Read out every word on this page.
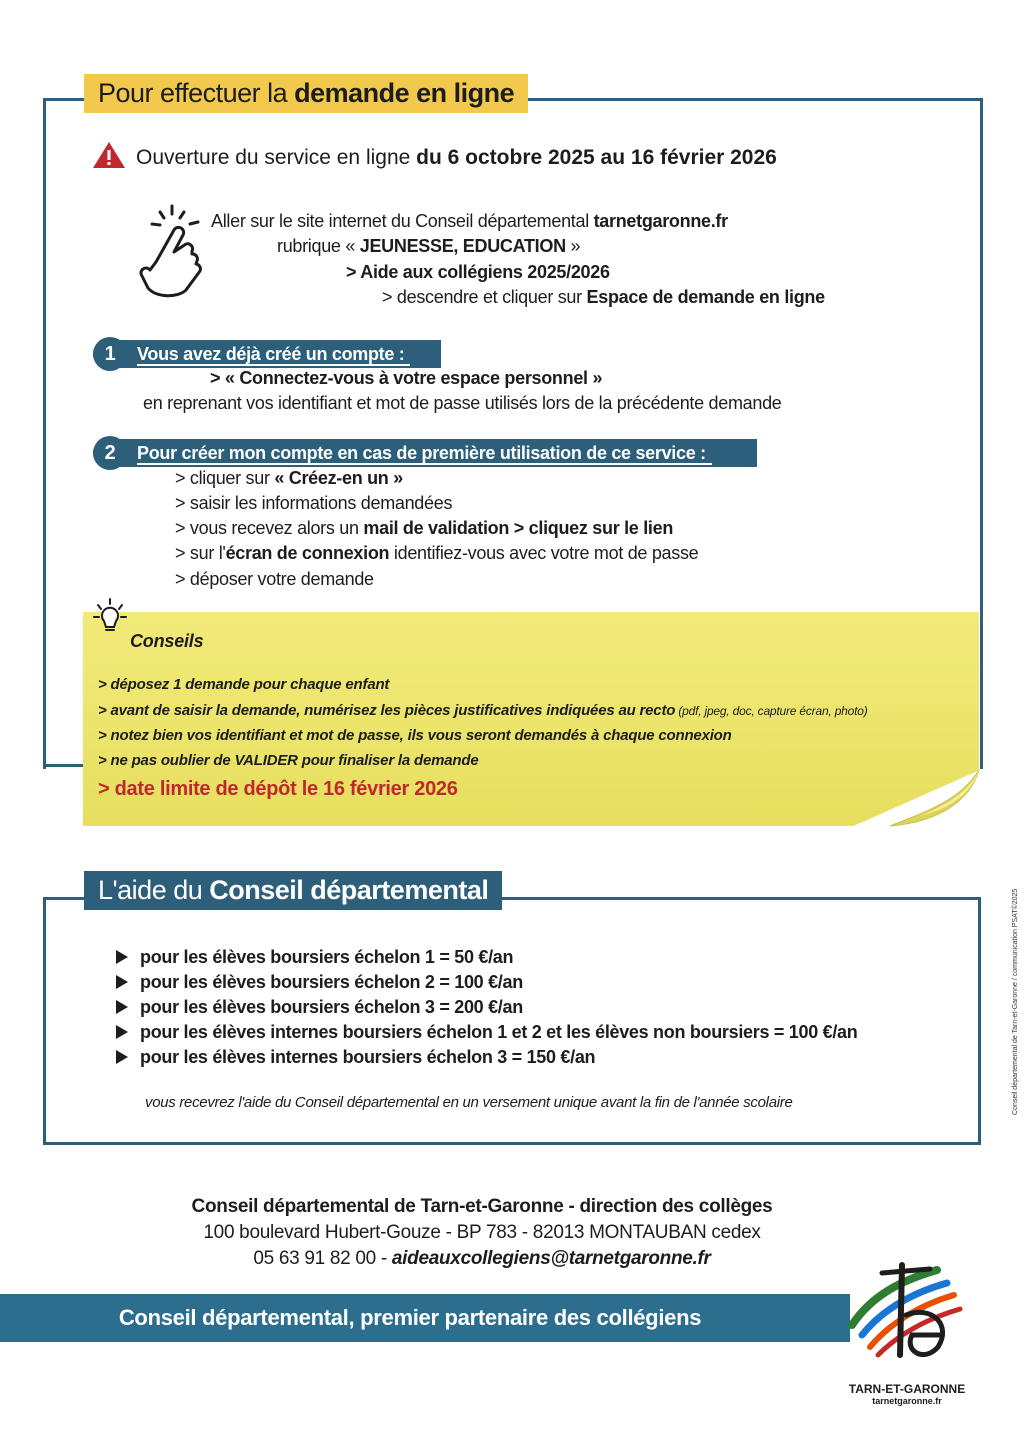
Pour effectuer la demande en ligne
Ouverture du service en ligne du 6 octobre 2025 au 16 février 2026
Aller sur le site internet du Conseil départemental tarnetgaronne.fr
rubrique « JEUNESSE, EDUCATION »
> Aide aux collégiens 2025/2026
> descendre et cliquer sur Espace de demande en ligne
1 Vous avez déjà créé un compte :
> « Connectez-vous à votre espace personnel »
en reprenant vos identifiant et mot de passe utilisés lors de la précédente demande
2 Pour créer mon compte en cas de première utilisation de ce service :
> cliquer sur « Créez-en un »
> saisir les informations demandées
> vous recevez alors un mail de validation > cliquez sur le lien
> sur l'écran de connexion identifiez-vous avec votre mot de passe
> déposer votre demande
Conseils
> déposez 1 demande pour chaque enfant
> avant de saisir la demande, numérisez les pièces justificatives indiquées au recto (pdf, jpeg, doc, capture écran, photo)
> notez bien vos identifiant et mot de passe, ils vous seront demandés à chaque connexion
> ne pas oublier de VALIDER pour finaliser la demande
> date limite de dépôt le 16 février 2026
L'aide du Conseil départemental
pour les élèves boursiers échelon 1 = 50 €/an
pour les élèves boursiers échelon 2 = 100 €/an
pour les élèves boursiers échelon 3 = 200 €/an
pour les élèves internes boursiers échelon 1 et 2 et les élèves non boursiers = 100 €/an
pour les élèves internes boursiers échelon 3 = 150 €/an
vous recevrez l'aide du Conseil départemental en un versement unique avant la fin de l'année scolaire
Conseil départemental de Tarn-et-Garonne - direction des collèges
100 boulevard Hubert-Gouze - BP 783 - 82013 MONTAUBAN cedex
05 63 91 82 00 - aideauxcollegiens@tarnetgaronne.fr
Conseil départemental, premier partenaire des collégiens
TARN-ET-GARONNE
tarnetgaronne.fr
Conseil départemental de Tarn-et-Garonne / communication PSAT©2025
